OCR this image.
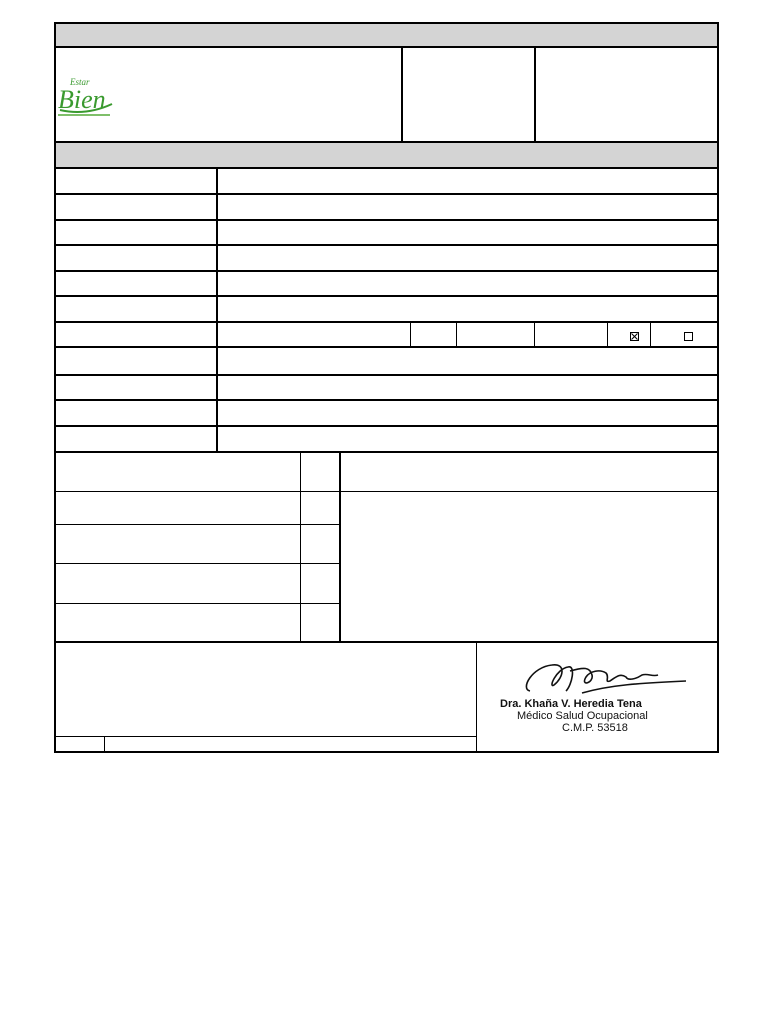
Estar
Bien
Dra. Khaña V. Heredia Tena
Médico Salud Ocupacional
C.M.P. 53518
